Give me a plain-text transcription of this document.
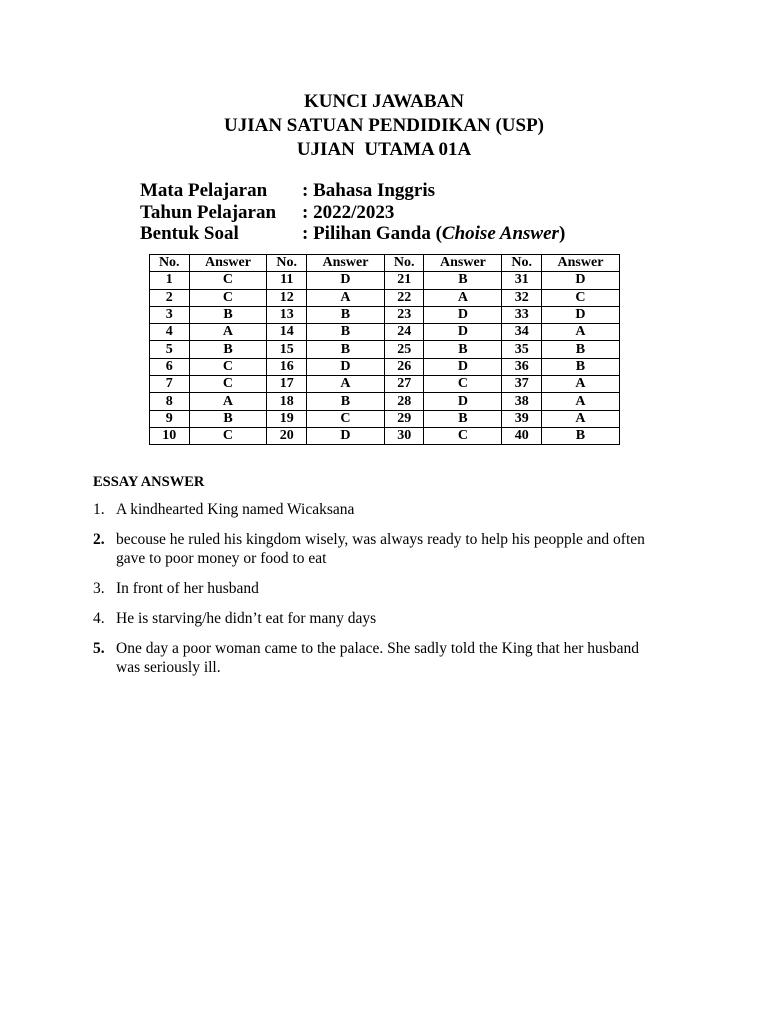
KUNCI JAWABAN
UJIAN SATUAN PENDIDIKAN (USP)
UJIAN  UTAMA 01A
Mata Pelajaran	: Bahasa Inggris
Tahun Pelajaran	: 2022/2023
Bentuk Soal	: Pilihan Ganda (Choise Answer)
No.	Answer	No.	Answer	No.	Answer	No.	Answer
1	C	11	D	21	B	31	D
2	C	12	A	22	A	32	C
3	B	13	B	23	D	33	D
4	A	14	B	24	D	34	A
5	B	15	B	25	B	35	B
6	C	16	D	26	D	36	B
7	C	17	A	27	C	37	A
8	A	18	B	28	D	38	A
9	B	19	C	29	B	39	A
10	C	20	D	30	C	40	B
ESSAY ANSWER
1. A kindhearted King named Wicaksana
2. becouse he ruled his kingdom wisely, was always ready to help his peopple and often gave to poor money or food to eat
3. In front of her husband
4. He is starving/he didn’t eat for many days
5. One day a poor woman came to the palace. She sadly told the King that her husband was seriously ill.
